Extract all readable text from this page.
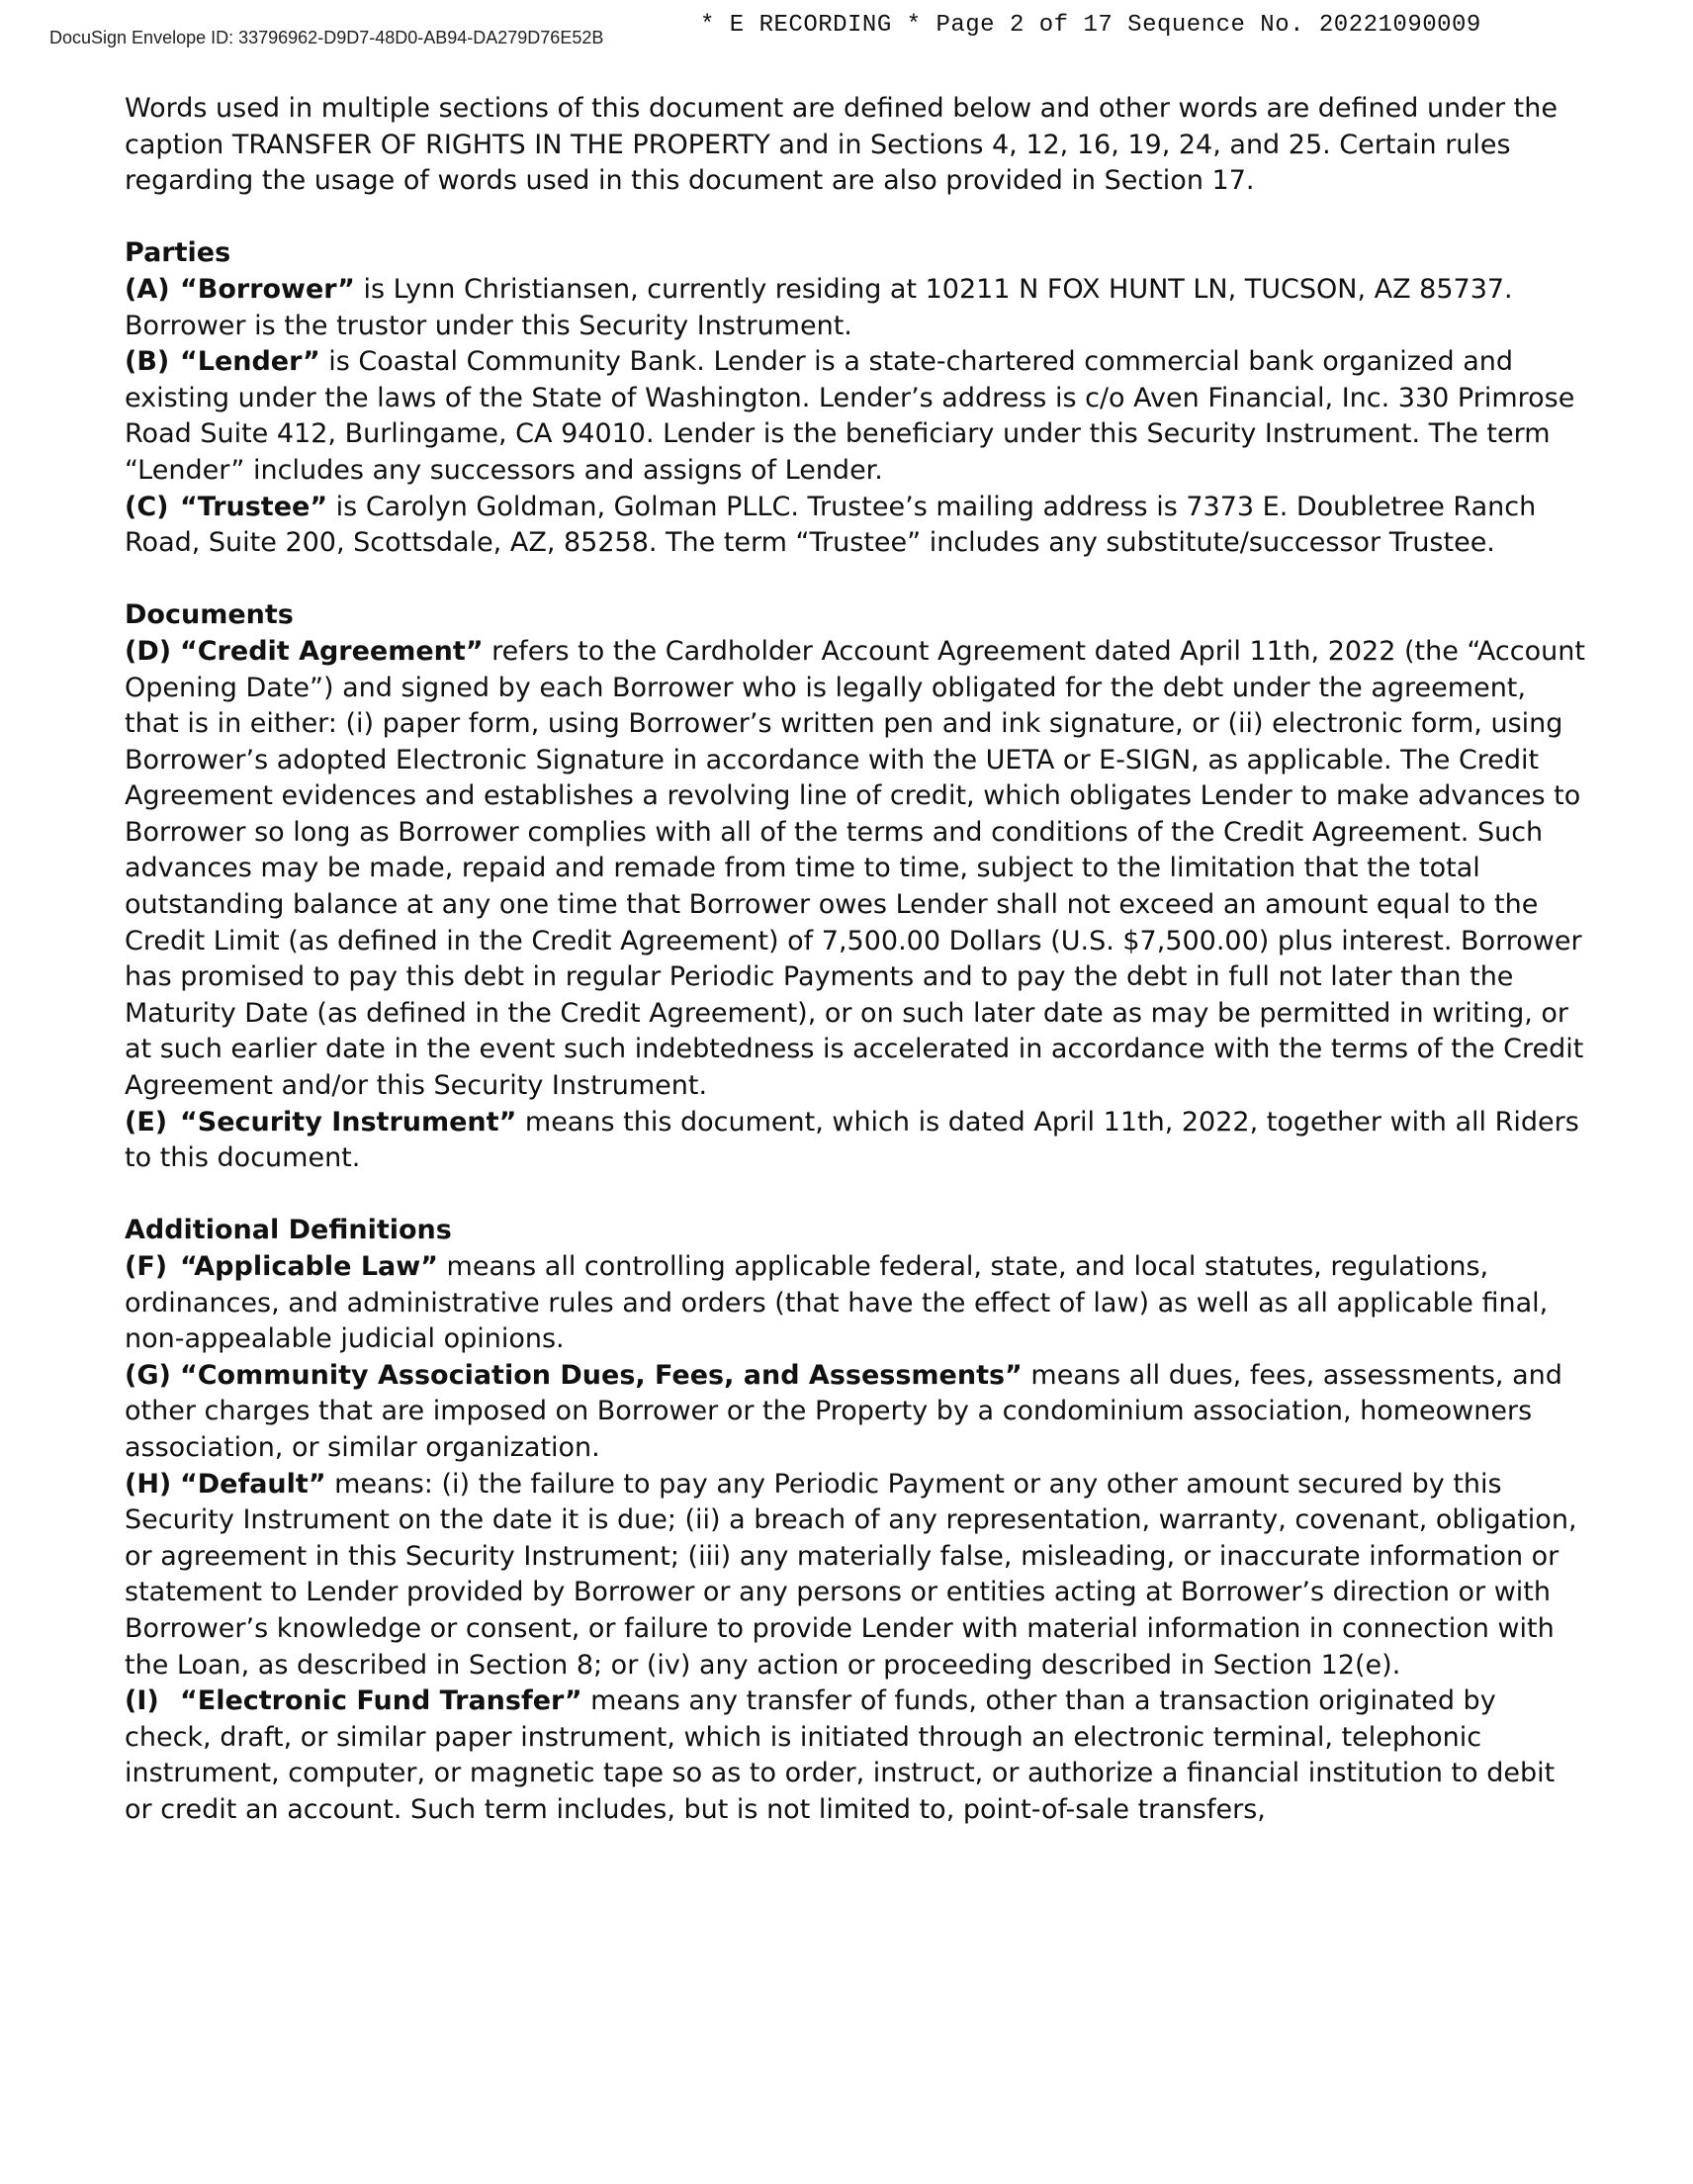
DocuSign Envelope ID: 33796962-D9D7-48D0-AB94-DA279D76E52B	* E RECORDING * Page 2 of 17 Sequence No. 20221090009

Words used in multiple sections of this document are defined below and other words are defined under the caption TRANSFER OF RIGHTS IN THE PROPERTY and in Sections 4, 12, 16, 19, 24, and 25. Certain rules regarding the usage of words used in this document are also provided in Section 17.

Parties

(A) “Borrower” is Lynn Christiansen, currently residing at 10211 N FOX HUNT LN, TUCSON, AZ 85737. Borrower is the trustor under this Security Instrument.

(B) “Lender” is Coastal Community Bank. Lender is a state-chartered commercial bank organized and existing under the laws of the State of Washington. Lender’s address is c/o Aven Financial, Inc. 330 Primrose Road Suite 412, Burlingame, CA 94010. Lender is the beneficiary under this Security Instrument. The term “Lender” includes any successors and assigns of Lender.

(C) “Trustee” is Carolyn Goldman, Golman PLLC. Trustee’s mailing address is 7373 E. Doubletree Ranch Road, Suite 200, Scottsdale, AZ, 85258. The term “Trustee” includes any substitute/successor Trustee.

Documents

(D) “Credit Agreement” refers to the Cardholder Account Agreement dated April 11th, 2022 (the “Account Opening Date”) and signed by each Borrower who is legally obligated for the debt under the agreement, that is in either: (i) paper form, using Borrower’s written pen and ink signature, or (ii) electronic form, using Borrower’s adopted Electronic Signature in accordance with the UETA or E-SIGN, as applicable. The Credit Agreement evidences and establishes a revolving line of credit, which obligates Lender to make advances to Borrower so long as Borrower complies with all of the terms and conditions of the Credit Agreement. Such advances may be made, repaid and remade from time to time, subject to the limitation that the total outstanding balance at any one time that Borrower owes Lender shall not exceed an amount equal to the Credit Limit (as defined in the Credit Agreement) of 7,500.00 Dollars (U.S. $7,500.00) plus interest. Borrower has promised to pay this debt in regular Periodic Payments and to pay the debt in full not later than the Maturity Date (as defined in the Credit Agreement), or on such later date as may be permitted in writing, or at such earlier date in the event such indebtedness is accelerated in accordance with the terms of the Credit Agreement and/or this Security Instrument.

(E) “Security Instrument” means this document, which is dated April 11th, 2022, together with all Riders to this document.

Additional Definitions

(F) “Applicable Law” means all controlling applicable federal, state, and local statutes, regulations, ordinances, and administrative rules and orders (that have the effect of law) as well as all applicable final, non-appealable judicial opinions.

(G) “Community Association Dues, Fees, and Assessments” means all dues, fees, assessments, and other charges that are imposed on Borrower or the Property by a condominium association, homeowners association, or similar organization.

(H) “Default” means: (i) the failure to pay any Periodic Payment or any other amount secured by this Security Instrument on the date it is due; (ii) a breach of any representation, warranty, covenant, obligation, or agreement in this Security Instrument; (iii) any materially false, misleading, or inaccurate information or statement to Lender provided by Borrower or any persons or entities acting at Borrower’s direction or with Borrower’s knowledge or consent, or failure to provide Lender with material information in connection with the Loan, as described in Section 8; or (iv) any action or proceeding described in Section 12(e).

(I) “Electronic Fund Transfer” means any transfer of funds, other than a transaction originated by check, draft, or similar paper instrument, which is initiated through an electronic terminal, telephonic instrument, computer, or magnetic tape so as to order, instruct, or authorize a financial institution to debit or credit an account. Such term includes, but is not limited to, point-of-sale transfers,
